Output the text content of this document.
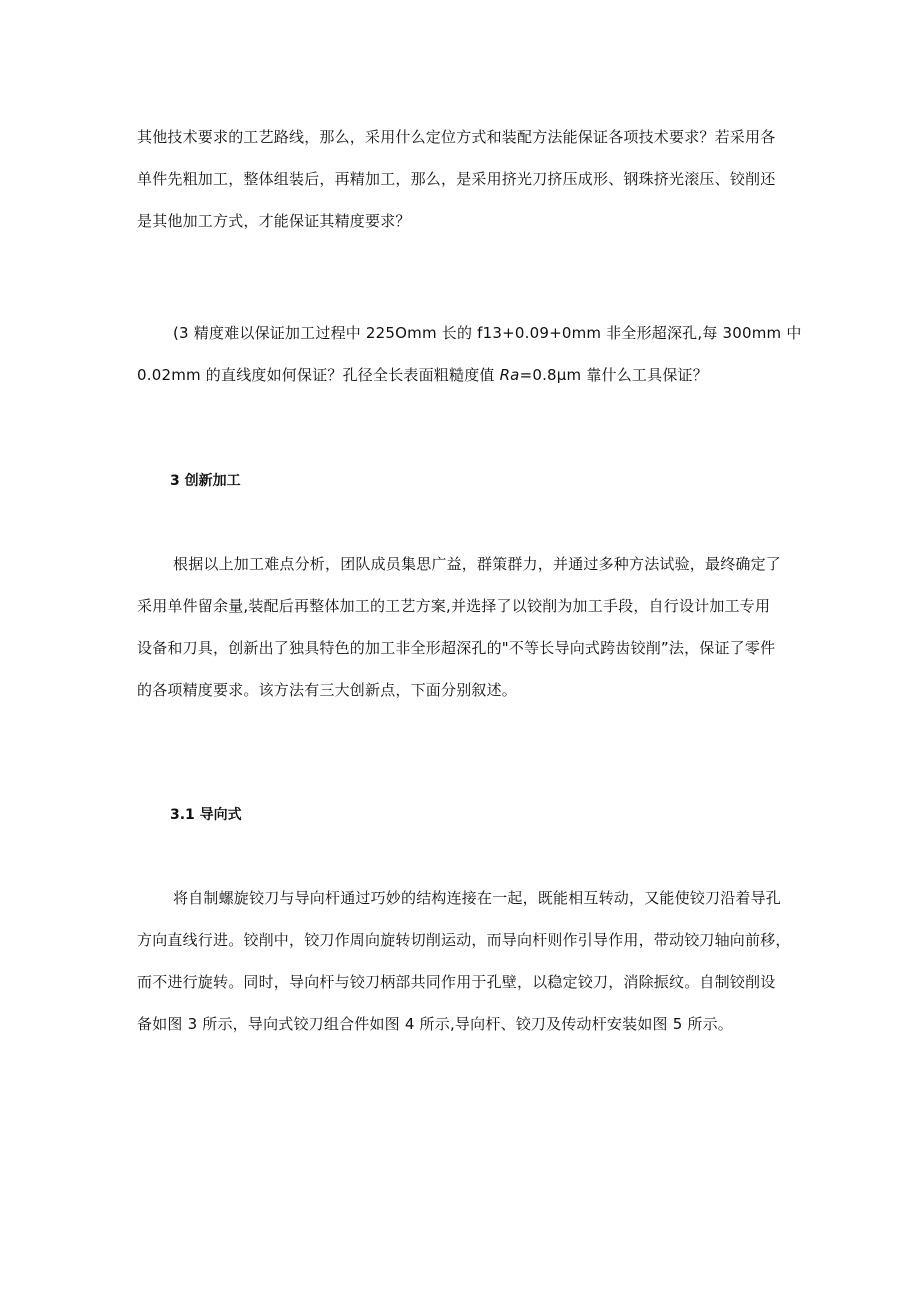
其他技术要求的工艺路线，那么，采用什么定位方式和装配方法能保证各项技术要求？若采用各
单件先粗加工，整体组装后，再精加工，那么，是采用挤光刀挤压成形、钢珠挤光滚压、铰削还
是其他加工方式，才能保证其精度要求？
(3 精度难以保证加工过程中 225Omm 长的 f13+0.09+0mm 非全形超深孔,每 300mm 中
0.02mm 的直线度如何保证？孔径全长表面粗糙度值 Ra=0.8μm 靠什么工具保证？
3 创新加工
根据以上加工难点分析，团队成员集思广益，群策群力，并通过多种方法试验，最终确定了
采用单件留余量,装配后再整体加工的工艺方案,并选择了以铰削为加工手段，自行设计加工专用
设备和刀具，创新出了独具特色的加工非全形超深孔的"不等长导向式跨齿铰削”法，保证了零件
的各项精度要求。该方法有三大创新点，下面分别叙述。
3.1 导向式
将自制螺旋铰刀与导向杆通过巧妙的结构连接在一起，既能相互转动，又能使铰刀沿着导孔
方向直线行进。铰削中，铰刀作周向旋转切削运动，而导向杆则作引导作用，带动铰刀轴向前移，
而不进行旋转。同时，导向杆与铰刀柄部共同作用于孔壁，以稳定铰刀，消除振纹。自制铰削设
备如图 3 所示，导向式铰刀组合件如图 4 所示,导向杆、铰刀及传动杆安装如图 5 所示。
